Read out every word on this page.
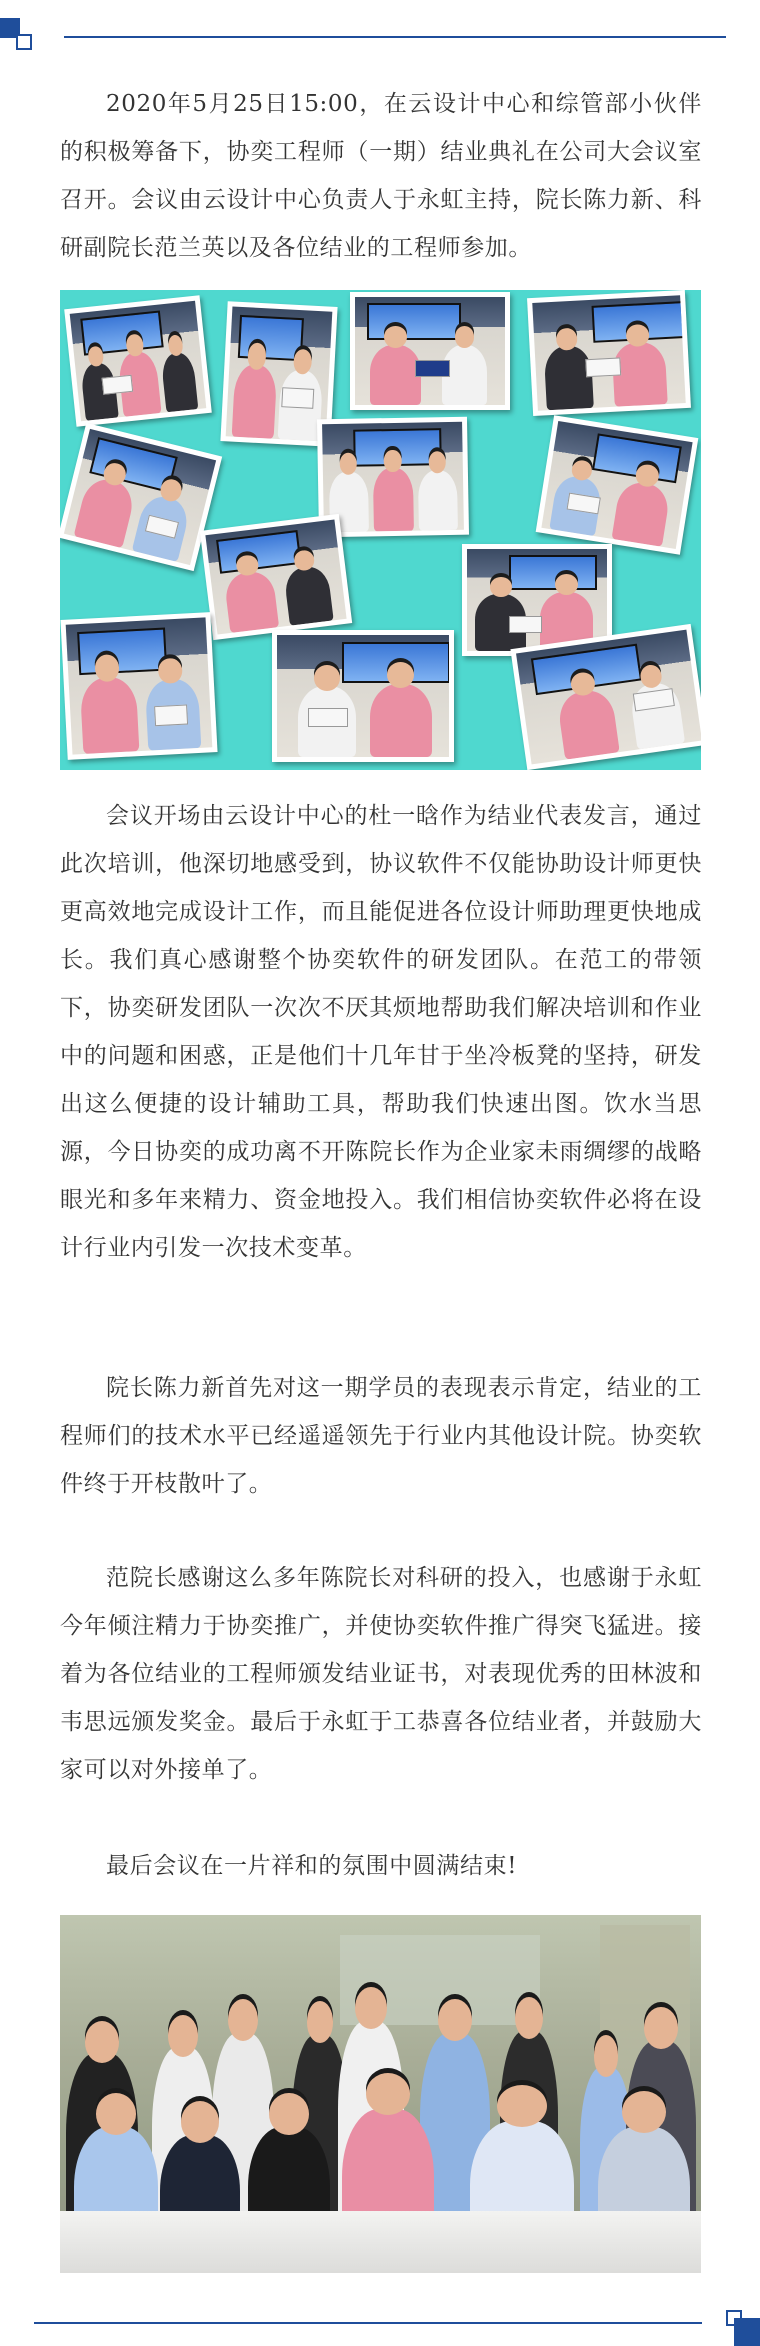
2020年5月25日15:00，在云设计中心和综管部小伙伴的积极筹备下，协奕工程师（一期）结业典礼在公司大会议室召开。会议由云设计中心负责人于永虹主持，院长陈力新、科研副院长范兰英以及各位结业的工程师参加。

会议开场由云设计中心的杜一晗作为结业代表发言，通过此次培训，他深切地感受到，协议软件不仅能协助设计师更快更高效地完成设计工作，而且能促进各位设计师助理更快地成长。我们真心感谢整个协奕软件的研发团队。在范工的带领下，协奕研发团队一次次不厌其烦地帮助我们解决培训和作业中的问题和困惑，正是他们十几年甘于坐冷板凳的坚持，研发出这么便捷的设计辅助工具，帮助我们快速出图。饮水当思源，今日协奕的成功离不开陈院长作为企业家未雨绸缪的战略眼光和多年来精力、资金地投入。我们相信协奕软件必将在设计行业内引发一次技术变革。

院长陈力新首先对这一期学员的表现表示肯定，结业的工程师们的技术水平已经遥遥领先于行业内其他设计院。协奕软件终于开枝散叶了。

范院长感谢这么多年陈院长对科研的投入，也感谢于永虹今年倾注精力于协奕推广，并使协奕软件推广得突飞猛进。接着为各位结业的工程师颁发结业证书，对表现优秀的田林波和韦思远颁发奖金。最后于永虹于工恭喜各位结业者，并鼓励大家可以对外接单了。

最后会议在一片祥和的氛围中圆满结束!
